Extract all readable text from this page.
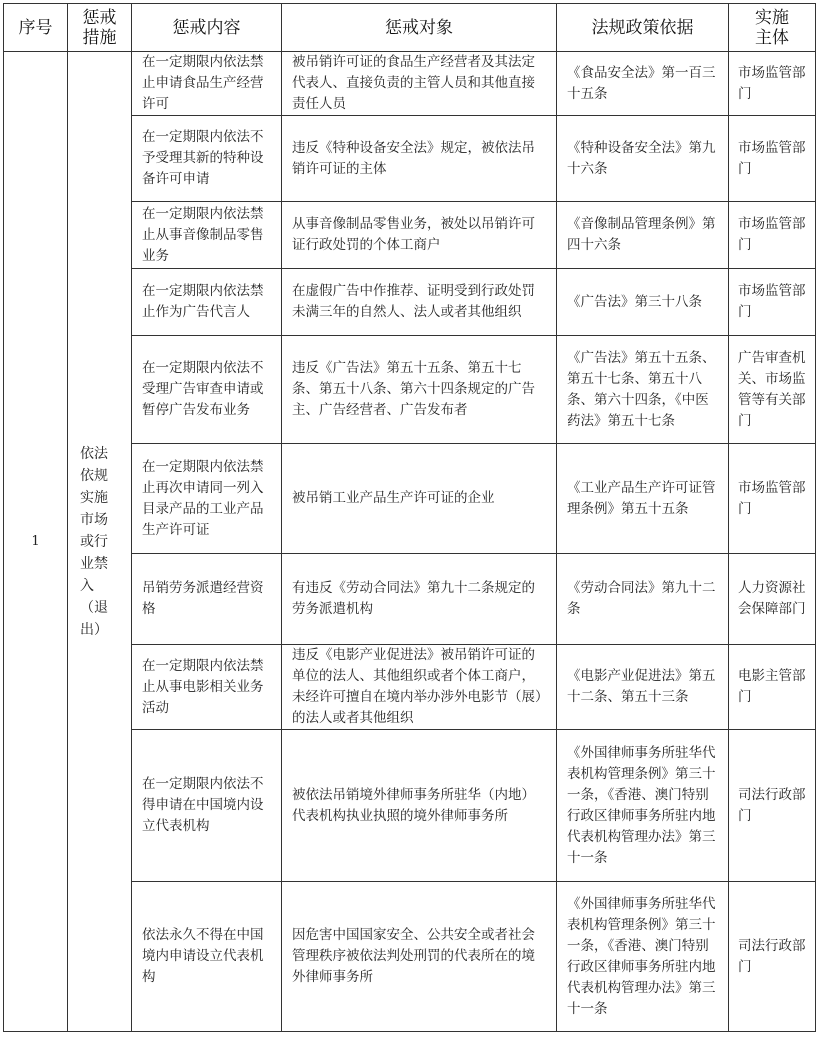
序号	惩戒措施	惩戒内容	惩戒对象	法规政策依据	实施主体
1	依法依规实施市场或行业禁入（退出）	在一定期限内依法禁止申请食品生产经营许可	被吊销许可证的食品生产经营者及其法定代表人、直接负责的主管人员和其他直接责任人员	《食品安全法》第一百三十五条	市场监管部门
		在一定期限内依法不予受理其新的特种设备许可申请	违反《特种设备安全法》规定，被依法吊销许可证的主体	《特种设备安全法》第九十六条	市场监管部门
		在一定期限内依法禁止从事音像制品零售业务	从事音像制品零售业务，被处以吊销许可证行政处罚的个体工商户	《音像制品管理条例》第四十六条	市场监管部门
		在一定期限内依法禁止作为广告代言人	在虚假广告中作推荐、证明受到行政处罚未满三年的自然人、法人或者其他组织	《广告法》第三十八条	市场监管部门
		在一定期限内依法不受理广告审查申请或暂停广告发布业务	违反《广告法》第五十五条、第五十七条、第五十八条、第六十四条规定的广告主、广告经营者、广告发布者	《广告法》第五十五条、第五十七条、第五十八条、第六十四条，《中医药法》第五十七条	广告审查机关、市场监管等有关部门
		在一定期限内依法禁止再次申请同一列入目录产品的工业产品生产许可证	被吊销工业产品生产许可证的企业	《工业产品生产许可证管理条例》第五十五条	市场监管部门
		吊销劳务派遣经营资格	有违反《劳动合同法》第九十二条规定的劳务派遣机构	《劳动合同法》第九十二条	人力资源社会保障部门
		在一定期限内依法禁止从事电影相关业务活动	违反《电影产业促进法》被吊销许可证的单位的法人、其他组织或者个体工商户，未经许可擅自在境内举办涉外电影节（展）的法人或者其他组织	《电影产业促进法》第五十二条、第五十三条	电影主管部门
		在一定期限内依法不得申请在中国境内设立代表机构	被依法吊销境外律师事务所驻华（内地）代表机构执业执照的境外律师事务所	《外国律师事务所驻华代表机构管理条例》第三十一条，《香港、澳门特别行政区律师事务所驻内地代表机构管理办法》第三十一条	司法行政部门
		依法永久不得在中国境内申请设立代表机构	因危害中国国家安全、公共安全或者社会管理秩序被依法判处刑罚的代表所在的境外律师事务所	《外国律师事务所驻华代表机构管理条例》第三十一条，《香港、澳门特别行政区律师事务所驻内地代表机构管理办法》第三十一条	司法行政部门
